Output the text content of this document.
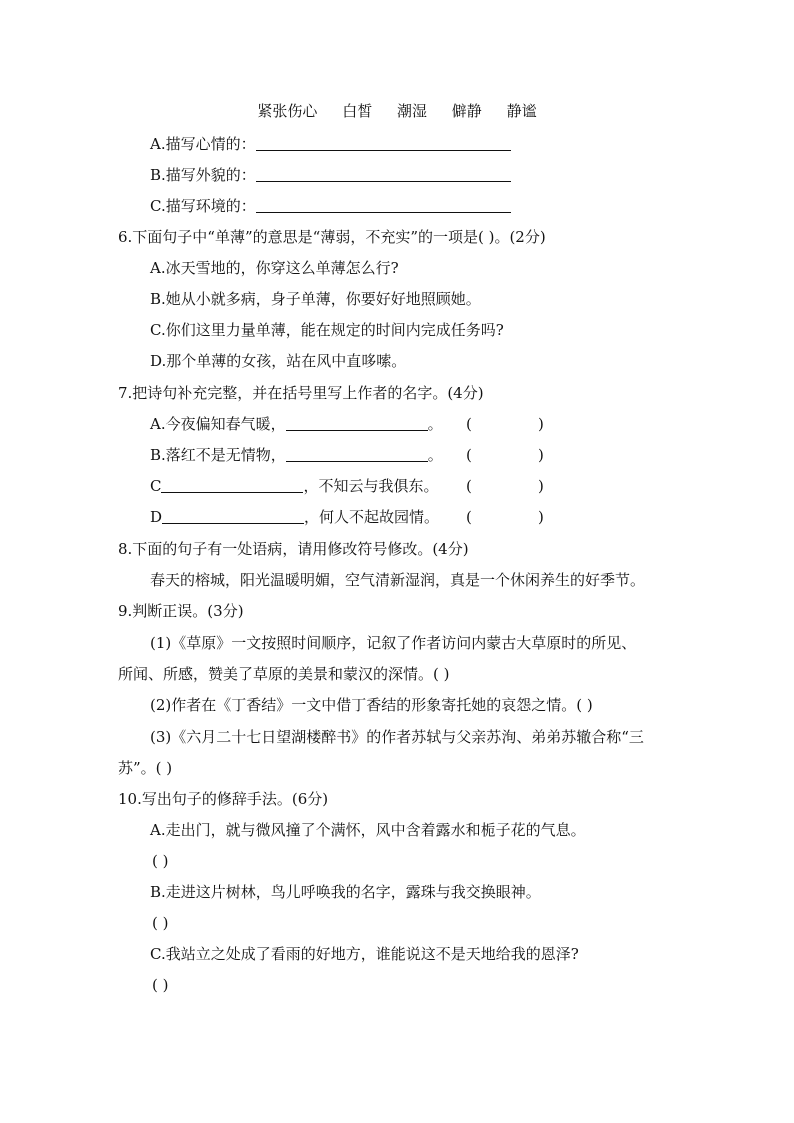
紧张伤心 白皙 潮湿 僻静 静谧
A.描写心情的：
B.描写外貌的：
C.描写环境的：
6.下面句子中“单薄”的意思是“薄弱，不充实”的一项是( )。(2分)
A.冰天雪地的，你穿这么单薄怎么行?
B.她从小就多病，身子单薄，你要好好地照顾她。
C.你们这里力量单薄，能在规定的时间内完成任务吗?
D.那个单薄的女孩，站在风中直哆嗦。
7.把诗句补充完整，并在括号里写上作者的名字。(4分)
A.今夜偏知春气暖，	。 (	)
B.落红不是无情物，	。 (	)
C	，不知云与我俱东。 (	)
D	，何人不起故园情。 (	)
8.下面的句子有一处语病，请用修改符号修改。(4分)
春天的榕城，阳光温暖明媚，空气清新湿润，真是一个休闲养生的好季节。
9.判断正误。(3分)
(1)《草原》一文按照时间顺序，记叙了作者访问内蒙古大草原时的所见、
所闻、所感，赞美了草原的美景和蒙汉的深情。( )
(2)作者在《丁香结》一文中借丁香结的形象寄托她的哀怨之情。( )
(3)《六月二十七日望湖楼醉书》的作者苏轼与父亲苏洵、弟弟苏辙合称“三
苏”。( )
10.写出句子的修辞手法。(6分)
A.走出门，就与微风撞了个满怀，风中含着露水和栀子花的气息。
( )
B.走进这片树林，鸟儿呼唤我的名字，露珠与我交换眼神。
( )
C.我站立之处成了看雨的好地方，谁能说这不是天地给我的恩泽?
( )
